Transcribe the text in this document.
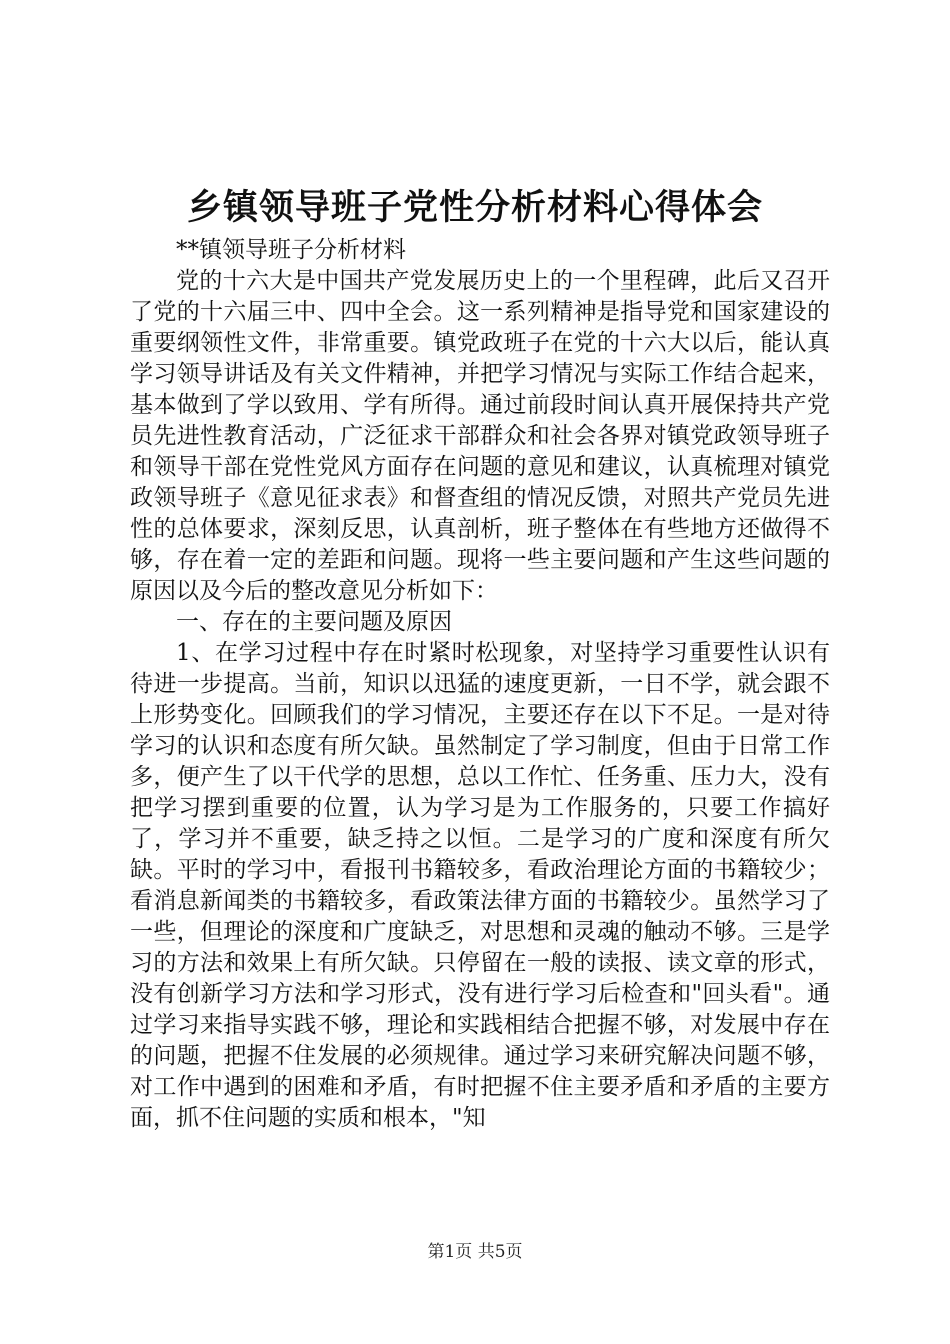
乡镇领导班子党性分析材料心得体会

**镇领导班子分析材料

党的十六大是中国共产党发展历史上的一个里程碑，此后又召开了党的十六届三中、四中全会。这一系列精神是指导党和国家建设的重要纲领性文件，非常重要。镇党政班子在党的十六大以后，能认真学习领导讲话及有关文件精神，并把学习情况与实际工作结合起来，基本做到了学以致用、学有所得。通过前段时间认真开展保持共产党员先进性教育活动，广泛征求干部群众和社会各界对镇党政领导班子和领导干部在党性党风方面存在问题的意见和建议，认真梳理对镇党政领导班子《意见征求表》和督查组的情况反馈，对照共产党员先进性的总体要求，深刻反思，认真剖析，班子整体在有些地方还做得不够，存在着一定的差距和问题。现将一些主要问题和产生这些问题的原因以及今后的整改意见分析如下：

一、存在的主要问题及原因

1、在学习过程中存在时紧时松现象，对坚持学习重要性认识有待进一步提高。当前，知识以迅猛的速度更新，一日不学，就会跟不上形势变化。回顾我们的学习情况，主要还存在以下不足。一是对待学习的认识和态度有所欠缺。虽然制定了学习制度，但由于日常工作多，便产生了以干代学的思想，总以工作忙、任务重、压力大，没有把学习摆到重要的位置，认为学习是为工作服务的，只要工作搞好了，学习并不重要，缺乏持之以恒。二是学习的广度和深度有所欠缺。平时的学习中，看报刊书籍较多，看政治理论方面的书籍较少；看消息新闻类的书籍较多，看政策法律方面的书籍较少。虽然学习了一些，但理论的深度和广度缺乏，对思想和灵魂的触动不够。三是学习的方法和效果上有所欠缺。只停留在一般的读报、读文章的形式，没有创新学习方法和学习形式，没有进行学习后检查和"回头看"。通过学习来指导实践不够，理论和实践相结合把握不够，对发展中存在的问题，把握不住发展的必须规律。通过学习来研究解决问题不够，对工作中遇到的困难和矛盾，有时把握不住主要矛盾和矛盾的主要方面，抓不住问题的实质和根本，"知

第1页 共5页
